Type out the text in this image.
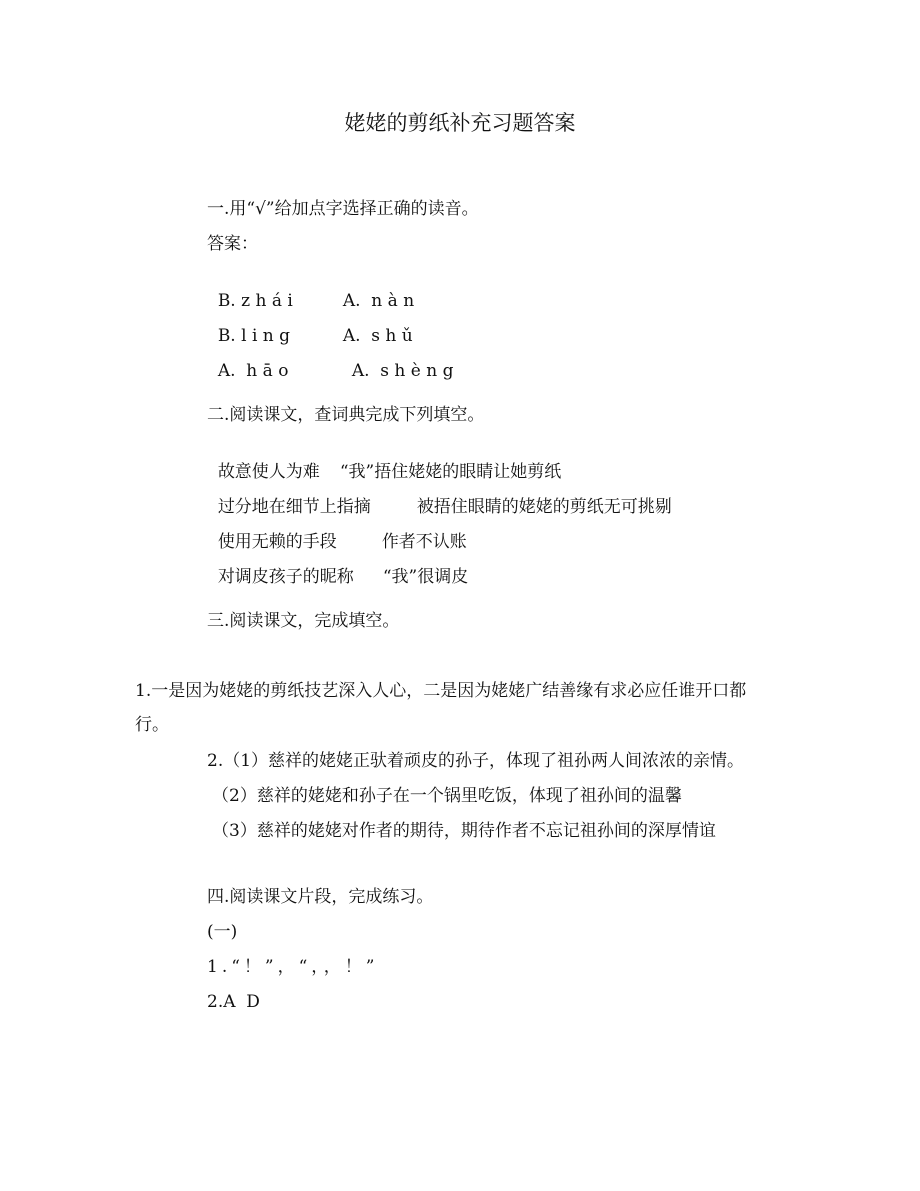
姥姥的剪纸补充习题答案

一.用“√”给加点字选择正确的读音。

答案：

B. z h á i	A.  n à n

B. l i n g	A.  s h ǔ

A.  h ā o	A.  s h è n g

二.阅读课文，查词典完成下列填空。

故意使人为难 “我”捂住姥姥的眼睛让她剪纸

过分地在细节上指摘	被捂住眼睛的姥姥的剪纸无可挑剔

使用无赖的手段	作者不认账

对调皮孩子的昵称 “我”很调皮

三.阅读课文，完成填空。

1.一是因为姥姥的剪纸技艺深入人心，二是因为姥姥广结善缘有求必应任谁开口都

行。

2.（1）慈祥的姥姥正驮着顽皮的孙子，体现了祖孙两人间浓浓的亲情。

（2）慈祥的姥姥和孙子在一个锅里吃饭，体现了祖孙间的温馨

（3）慈祥的姥姥对作者的期待，期待作者不忘记祖孙间的深厚情谊

四.阅读课文片段，完成练习。

(一)

1.“！”，“，，！”

2.A  D
